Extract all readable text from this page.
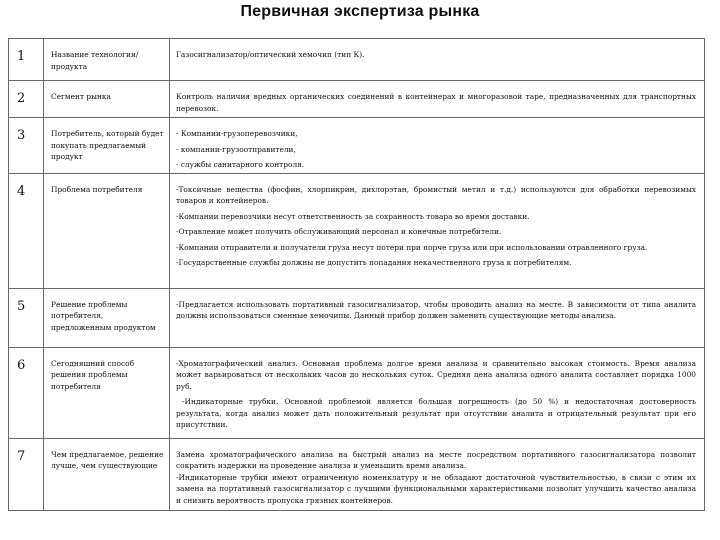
Первичная экспертиза рынка
1	Название технологии/продукта	Газосигнализатор/оптический хемочип (тип К).

2	Сегмент рынка	Контроль наличия вредных органических соединений в контейнерах и многоразовой таре, предназначенных для транспортных перевозок.

3	Потребитель, который будет покупать предлагаемый продукт	- Компании-грузоперевозчики,
- компании-грузоотправители,
- службы санитарного контроля.

4	Проблема потребителя	-Токсичные вещества (фосфин, хлорпикрин, дихлорэтан, бромистый метил и т.д.) используются для обработки перевозимых товаров и контейнеров.
-Компании перевозчики несут ответственность за сохранность товара во время доставки.
-Отравление может получить обслуживающий персонал и конечные потребители.
-Компании отправители и получатели груза несут потери при порче груза или при использовании отравленного груза.
-Государственные службы должны не допустить попадания некачественного груза к потребителям.

5	Решение проблемы потребителя, предложенным продуктом	-Предлагается использовать портативный газосигнализатор, чтобы проводить анализ на месте. В зависимости от типа аналита должны использоваться сменные хемочипы. Данный прибор должен заменить существующие методы анализа.

6	Сегодняшний способ решения проблемы потребителя	-Хроматографический анализ. Основная проблема долгое время анализа и сравнительно высокая стоимость. Время анализа может варьироваться от нескольких часов до нескольких суток. Средняя цена анализа одного аналита составляет порядка 1000 руб.
-Индикаторные трубки. Основной проблемой является большая погрешность (до 50 %) и недостаточная достоверность результата, когда анализ может дать положительный результат при отсутствии аналита и отрицательный результат при его присутствии.

7	Чем предлагаемое, решение лучше, чем существующие	Замена хроматографического анализа на быстрый анализ на месте посредством портативного газосигнализатора позволит сократить издержки на проведение анализа и уменьшить время анализа.
-Индикаторные трубки имеют ограниченную номенклатуру и не обладают достаточной чувствительностью, в связи с этим их замена на портативный газосигнализатор с лучшими функциональными характеристиками позволит улучшить качество анализа и снизить вероятность пропуска грязных контейнеров.
